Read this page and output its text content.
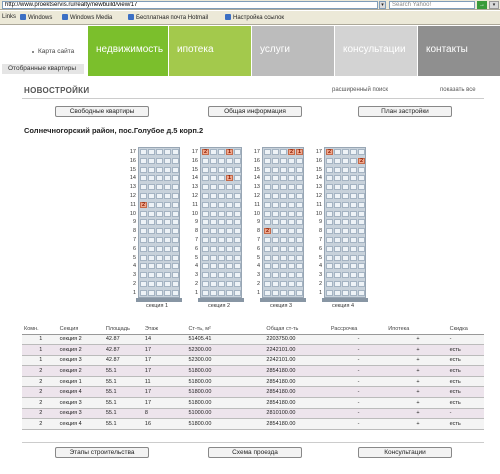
http://www.proektservis.ru/realty/newbuild/view/17	▾	Search Yahoo!	→	▾
Links	Windows	Windows Media	Бесплатная почта Hotmail	Настройка ссылок
Карта сайта
Отобранные квартиры
недвижимость	ипотека	услуги	консультации	контакты
НОВОСТРОЙКИ	расширенный поиск	показать все
Свободные квартиры	Общая информация	План застройки
Солнечногорский район, пос.Голубое д.5 корп.2
17
16
15
14
13
12
11
10
9
8
7
6
5
4
3
2
1
2
секция 1
17
16
15
14
13
12
11
10
9
8
7
6
5
4
3
2
1
2	1
1
секция 2
17
16
15
14
13
12
11
10
9
8
7
6
5
4
3
2
1
2 1
2
секция 3
17
16
15
14
13
12
11
10
9
8
7
6
5
4
3
2
1
2
2
секция 4
Комн.	Секция	Площадь	Этаж	Ст-ть, м²	Общая ст-ть	Рассрочка	Ипотека	Скидка
1	секция 2	42.87	14	51405.41	2203750.00	-	+	-
1	секция 2	42.87	17	52300.00	2242101.00	-	+	есть
1	секция 3	42.87	17	52300.00	2242101.00	-	+	есть
2	секция 2	55.1	17	51800.00	2854180.00	-	+	есть
2	секция 1	55.1	11	51800.00	2854180.00	-	+	есть
2	секция 4	55.1	17	51800.00	2854180.00	-	+	есть
2	секция 3	55.1	17	51800.00	2854180.00	-	+	есть
2	секция 3	55.1	8	51000.00	2810100.00	-	+	-
2	секция 4	55.1	16	51800.00	2854180.00	-	+	есть
Этапы строительства	Схема проезда	Консультации
